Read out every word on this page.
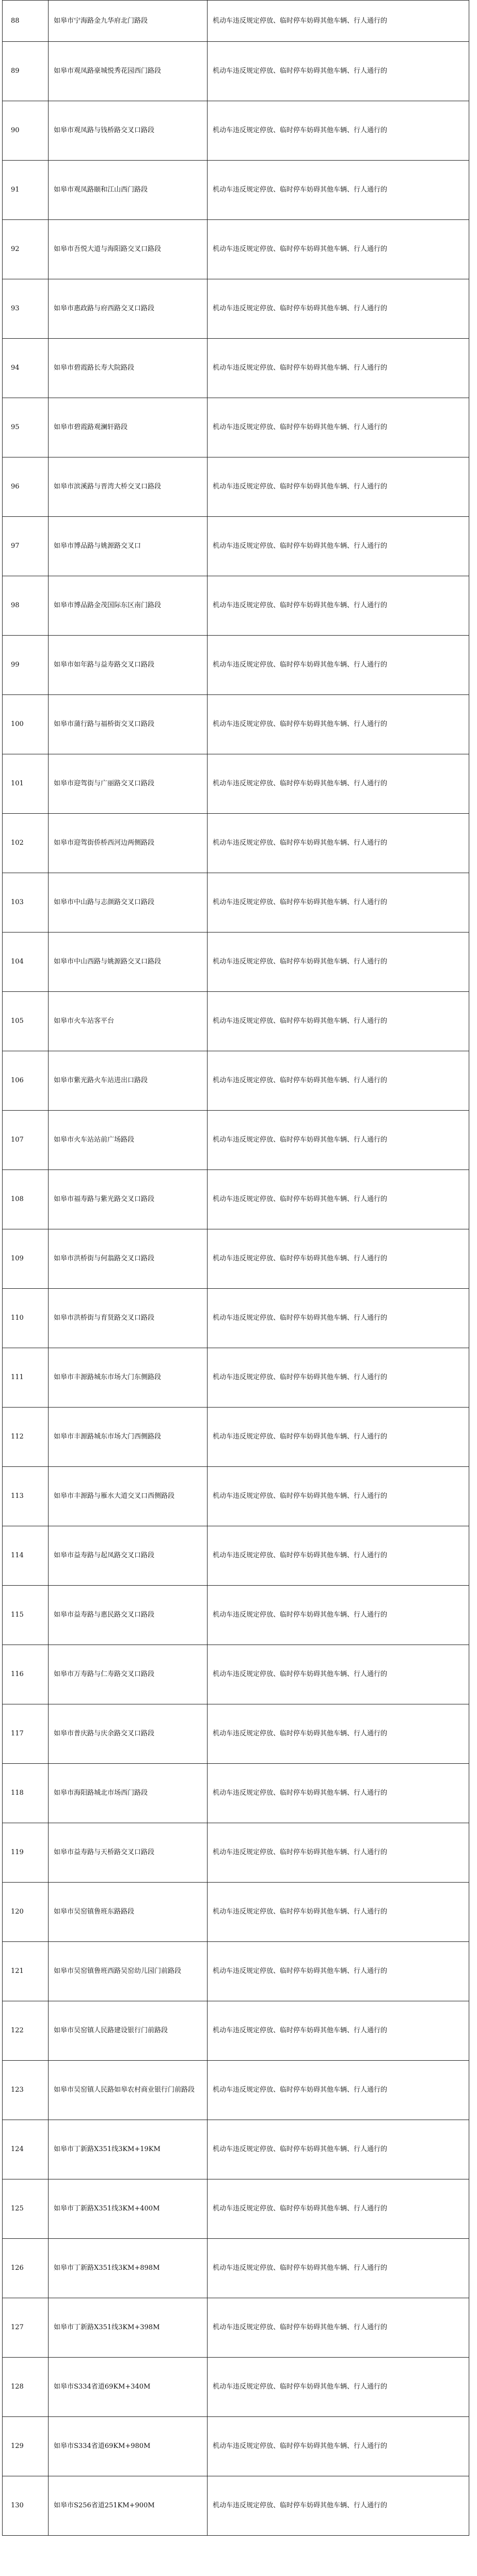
88	如皋市宁海路金九华府北门路段	机动车违反规定停放、临时停车妨碍其他车辆、行人通行的
89	如皋市观凤路豪城悦秀花园西门路段	机动车违反规定停放、临时停车妨碍其他车辆、行人通行的
90	如皋市观凤路与钱桥路交叉口路段	机动车违反规定停放、临时停车妨碍其他车辆、行人通行的
91	如皋市观凤路颐和江山西门路段	机动车违反规定停放、临时停车妨碍其他车辆、行人通行的
92	如皋市吾悦大道与海阳路交叉口路段	机动车违反规定停放、临时停车妨碍其他车辆、行人通行的
93	如皋市惠政路与府西路交叉口路段	机动车违反规定停放、临时停车妨碍其他车辆、行人通行的
94	如皋市碧霞路长寿大院路段	机动车违反规定停放、临时停车妨碍其他车辆、行人通行的
95	如皋市碧霞路观澜轩路段	机动车违反规定停放、临时停车妨碍其他车辆、行人通行的
96	如皋市滨溪路与晋湾大桥交叉口路段	机动车违反规定停放、临时停车妨碍其他车辆、行人通行的
97	如皋市博品路与姚源路交叉口	机动车违反规定停放、临时停车妨碍其他车辆、行人通行的
98	如皋市博品路金茂国际东区南门路段	机动车违反规定停放、临时停车妨碍其他车辆、行人通行的
99	如皋市如年路与益寿路交叉口路段	机动车违反规定停放、临时停车妨碍其他车辆、行人通行的
100	如皋市蒲行路与福桥街交叉口路段	机动车违反规定停放、临时停车妨碍其他车辆、行人通行的
101	如皋市迎驾街与广丽路交叉口路段	机动车违反规定停放、临时停车妨碍其他车辆、行人通行的
102	如皋市迎驾街侨桥西河边两侧路段	机动车违反规定停放、临时停车妨碍其他车辆、行人通行的
103	如皋市中山路与志颜路交叉口路段	机动车违反规定停放、临时停车妨碍其他车辆、行人通行的
104	如皋市中山西路与姚源路交叉口路段	机动车违反规定停放、临时停车妨碍其他车辆、行人通行的
105	如皋市火车站客平台	机动车违反规定停放、临时停车妨碍其他车辆、行人通行的
106	如皋市紫光路火车站进出口路段	机动车违反规定停放、临时停车妨碍其他车辆、行人通行的
107	如皋市火车站站前广场路段	机动车违反规定停放、临时停车妨碍其他车辆、行人通行的
108	如皋市福寿路与紫光路交叉口路段	机动车违反规定停放、临时停车妨碍其他车辆、行人通行的
109	如皋市洪桥街与何翁路交叉口路段	机动车违反规定停放、临时停车妨碍其他车辆、行人通行的
110	如皋市洪桥街与育贤路交叉口路段	机动车违反规定停放、临时停车妨碍其他车辆、行人通行的
111	如皋市丰源路城东市场大门东侧路段	机动车违反规定停放、临时停车妨碍其他车辆、行人通行的
112	如皋市丰源路城东市场大门西侧路段	机动车违反规定停放、临时停车妨碍其他车辆、行人通行的
113	如皋市丰源路与雁水大道交叉口西侧路段	机动车违反规定停放、临时停车妨碍其他车辆、行人通行的
114	如皋市益寿路与起凤路交叉口路段	机动车违反规定停放、临时停车妨碍其他车辆、行人通行的
115	如皋市益寿路与惠民路交叉口路段	机动车违反规定停放、临时停车妨碍其他车辆、行人通行的
116	如皋市万寿路与仁寿路交叉口路段	机动车违反规定停放、临时停车妨碍其他车辆、行人通行的
117	如皋市普庆路与庆余路交叉口路段	机动车违反规定停放、临时停车妨碍其他车辆、行人通行的
118	如皋市海阳路城北市场西门路段	机动车违反规定停放、临时停车妨碍其他车辆、行人通行的
119	如皋市益寿路与天桥路交叉口路段	机动车违反规定停放、临时停车妨碍其他车辆、行人通行的
120	如皋市吴窑镇鲁班东路路段	机动车违反规定停放、临时停车妨碍其他车辆、行人通行的
121	如皋市吴窑镇鲁班西路吴窑幼儿园门前路段	机动车违反规定停放、临时停车妨碍其他车辆、行人通行的
122	如皋市吴窑镇人民路建设银行门前路段	机动车违反规定停放、临时停车妨碍其他车辆、行人通行的
123	如皋市吴窑镇人民路如皋农村商业银行门前路段	机动车违反规定停放、临时停车妨碍其他车辆、行人通行的
124	如皋市丁新路X351线3KM+19KM	机动车违反规定停放、临时停车妨碍其他车辆、行人通行的
125	如皋市丁新路X351线3KM+400M	机动车违反规定停放、临时停车妨碍其他车辆、行人通行的
126	如皋市丁新路X351线3KM+898M	机动车违反规定停放、临时停车妨碍其他车辆、行人通行的
127	如皋市丁新路X351线3KM+398M	机动车违反规定停放、临时停车妨碍其他车辆、行人通行的
128	如皋市S334省道69KM+340M	机动车违反规定停放、临时停车妨碍其他车辆、行人通行的
129	如皋市S334省道69KM+980M	机动车违反规定停放、临时停车妨碍其他车辆、行人通行的
130	如皋市S256省道251KM+900M	机动车违反规定停放、临时停车妨碍其他车辆、行人通行的
